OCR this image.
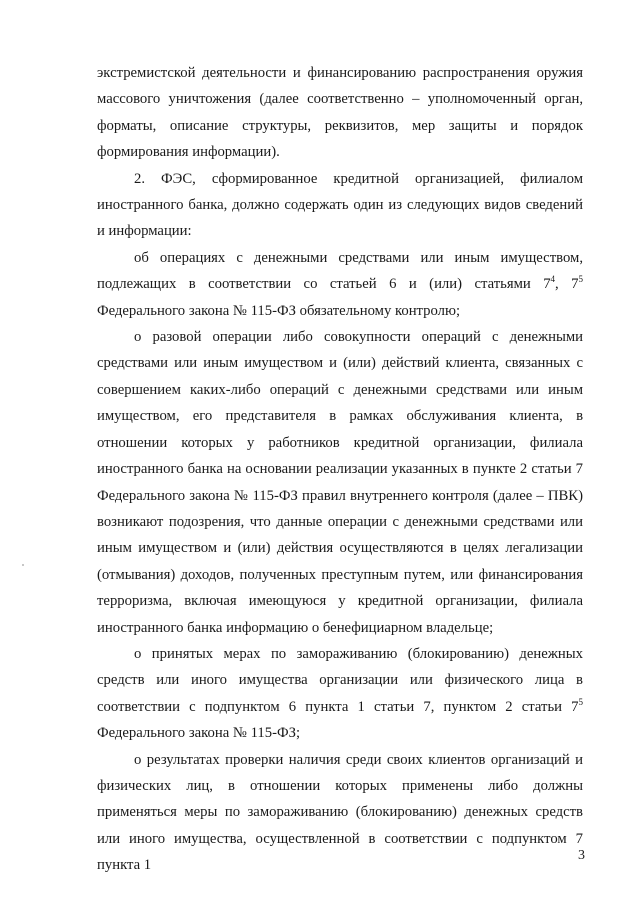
экстремистской деятельности и финансированию распространения оружия массового уничтожения (далее соответственно – уполномоченный орган, форматы, описание структуры, реквизитов, мер защиты и порядок формирования информации).

2. ФЭС, сформированное кредитной организацией, филиалом иностранного банка, должно содержать один из следующих видов сведений и информации:

об операциях с денежными средствами или иным имуществом, подлежащих в соответствии со статьей 6 и (или) статьями $7^4$, $7^5$ Федерального закона № 115-ФЗ обязательному контролю;

о разовой операции либо совокупности операций с денежными средствами или иным имуществом и (или) действий клиента, связанных с совершением каких-либо операций с денежными средствами или иным имуществом, его представителя в рамках обслуживания клиента, в отношении которых у работников кредитной организации, филиала иностранного банка на основании реализации указанных в пункте 2 статьи 7 Федерального закона № 115-ФЗ правил внутреннего контроля (далее – ПВК) возникают подозрения, что данные операции с денежными средствами или иным имуществом и (или) действия осуществляются в целях легализации (отмывания) доходов, полученных преступным путем, или финансирования терроризма, включая имеющуюся у кредитной организации, филиала иностранного банка информацию о бенефициарном владельце;

о принятых мерах по замораживанию (блокированию) денежных средств или иного имущества организации или физического лица в соответствии с подпунктом 6 пункта 1 статьи 7, пунктом 2 статьи $7^5$ Федерального закона № 115-ФЗ;

о результатах проверки наличия среди своих клиентов организаций и физических лиц, в отношении которых применены либо должны применяться меры по замораживанию (блокированию) денежных средств или иного имущества, осуществленной в соответствии с подпунктом 7 пункта 1

3
